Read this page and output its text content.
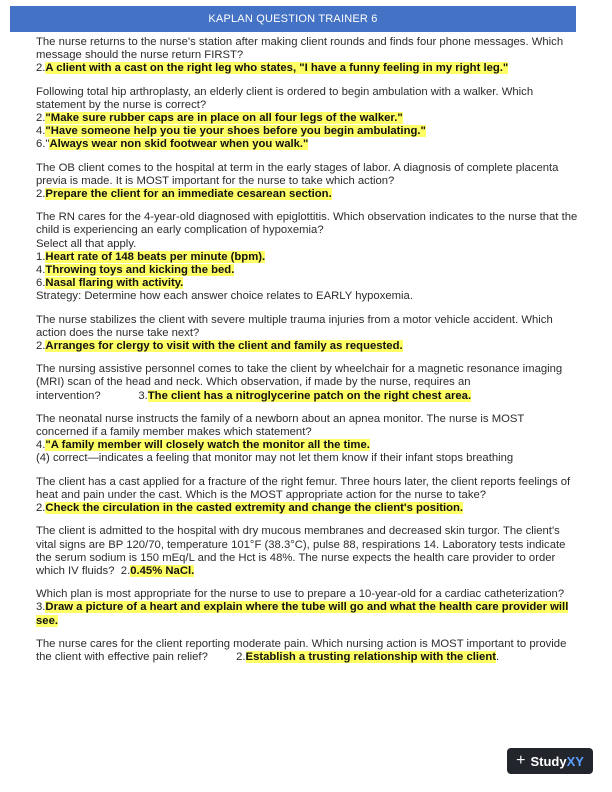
KAPLAN QUESTION TRAINER 6

The nurse returns to the nurse's station after making client rounds and finds four phone messages. Which message should the nurse return FIRST?

2.A client with a cast on the right leg who states, "I have a funny feeling in my right leg."

Following total hip arthroplasty, an elderly client is ordered to begin ambulation with a walker. Which statement by the nurse is correct?

2."Make sure rubber caps are in place on all four legs of the walker."

4."Have someone help you tie your shoes before you begin ambulating."

6."Always wear non skid footwear when you walk."

The OB client comes to the hospital at term in the early stages of labor. A diagnosis of complete placenta previa is made. It is MOST important for the nurse to take which action?

2.Prepare the client for an immediate cesarean section.

The RN cares for the 4-year-old diagnosed with epiglottitis. Which observation indicates to the nurse that the child is experiencing an early complication of hypoxemia?

Select all that apply.

1.Heart rate of 148 beats per minute (bpm).

4.Throwing toys and kicking the bed.

6.Nasal flaring with activity.

Strategy: Determine how each answer choice relates to EARLY hypoxemia.

The nurse stabilizes the client with severe multiple trauma injuries from a motor vehicle accident. Which action does the nurse take next?

2.Arranges for clergy to visit with the client and family as requested.

The nursing assistive personnel comes to take the client by wheelchair for a magnetic resonance imaging (MRI) scan of the head and neck. Which observation, if made by the nurse, requires an intervention?	3.The client has a nitroglycerine patch on the right chest area.

The neonatal nurse instructs the family of a newborn about an apnea monitor. The nurse is MOST concerned if a family member makes which statement?

4."A family member will closely watch the monitor all the time.

(4) correct—indicates a feeling that monitor may not let them know if their infant stops breathing

The client has a cast applied for a fracture of the right femur. Three hours later, the client reports feelings of heat and pain under the cast. Which is the MOST appropriate action for the nurse to take?

2.Check the circulation in the casted extremity and change the client's position.

The client is admitted to the hospital with dry mucous membranes and decreased skin turgor. The client's vital signs are BP 120/70, temperature 101°F (38.3°C), pulse 88, respirations 14. Laboratory tests indicate the serum sodium is 150 mEq/L and the Hct is 48%. The nurse expects the health care provider to order which IV fluids? 2.0.45% NaCl.

Which plan is most appropriate for the nurse to use to prepare a 10-year-old for a cardiac catheterization?

3.Draw a picture of a heart and explain where the tube will go and what the health care provider will see.

The nurse cares for the client reporting moderate pain. Which nursing action is MOST important to provide the client with effective pain relief?	2.Establish a trusting relationship with the client.

+ StudyXY
